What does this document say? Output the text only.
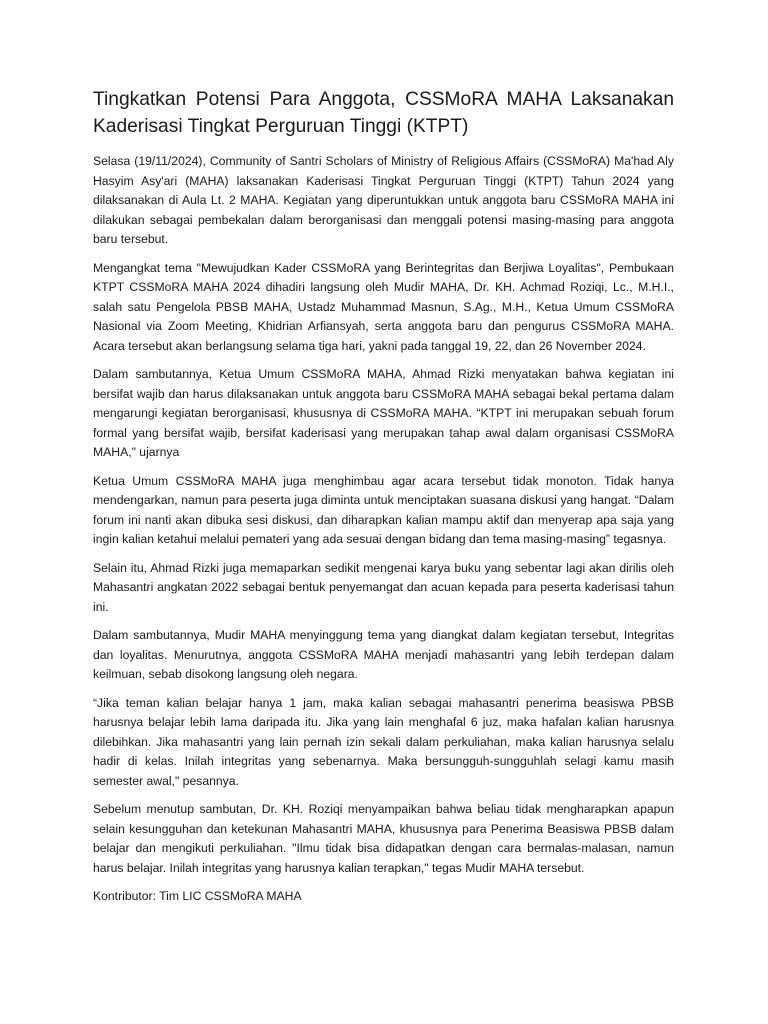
Tingkatkan Potensi Para Anggota, CSSMoRA MAHA Laksanakan Kaderisasi Tingkat Perguruan Tinggi (KTPT)

Selasa (19/11/2024), Community of Santri Scholars of Ministry of Religious Affairs (CSSMoRA) Ma'had Aly Hasyim Asy'ari (MAHA) laksanakan Kaderisasi Tingkat Perguruan Tinggi (KTPT) Tahun 2024 yang dilaksanakan di Aula Lt. 2 MAHA. Kegiatan yang diperuntukkan untuk anggota baru CSSMoRA MAHA ini dilakukan sebagai pembekalan dalam berorganisasi dan menggali potensi masing-masing para anggota baru tersebut.

Mengangkat tema "Mewujudkan Kader CSSMoRA yang Berintegritas dan Berjiwa Loyalitas", Pembukaan KTPT CSSMoRA MAHA 2024 dihadiri langsung oleh Mudir MAHA, Dr. KH. Achmad Roziqi, Lc., M.H.I., salah satu Pengelola PBSB MAHA, Ustadz Muhammad Masnun, S.Ag., M.H., Ketua Umum CSSMoRA Nasional via Zoom Meeting, Khidrian Arfiansyah, serta anggota baru dan pengurus CSSMoRA MAHA. Acara tersebut akan berlangsung selama tiga hari, yakni pada tanggal 19, 22, dan 26 November 2024.

Dalam sambutannya, Ketua Umum CSSMoRA MAHA, Ahmad Rizki menyatakan bahwa kegiatan ini bersifat wajib dan harus dilaksanakan untuk anggota baru CSSMoRA MAHA sebagai bekal pertama dalam mengarungi kegiatan berorganisasi, khususnya di CSSMoRA MAHA. “KTPT ini merupakan sebuah forum formal yang bersifat wajib, bersifat kaderisasi yang merupakan tahap awal dalam organisasi CSSMoRA MAHA," ujarnya

Ketua Umum CSSMoRA MAHA juga menghimbau agar acara tersebut tidak monoton. Tidak hanya mendengarkan, namun para peserta juga diminta untuk menciptakan suasana diskusi yang hangat. “Dalam forum ini nanti akan dibuka sesi diskusi, dan diharapkan kalian mampu aktif dan menyerap apa saja yang ingin kalian ketahui melalui pemateri yang ada sesuai dengan bidang dan tema masing-masing” tegasnya.

Selain itu, Ahmad Rizki juga memaparkan sedikit mengenai karya buku yang sebentar lagi akan dirilis oleh Mahasantri angkatan 2022 sebagai bentuk penyemangat dan acuan kepada para peserta kaderisasi tahun ini.

Dalam sambutannya, Mudir MAHA menyinggung tema yang diangkat dalam kegiatan tersebut, Integritas dan loyalitas. Menurutnya, anggota CSSMoRA MAHA menjadi mahasantri yang lebih terdepan dalam keilmuan, sebab disokong langsung oleh negara.

“Jika teman kalian belajar hanya 1 jam, maka kalian sebagai mahasantri penerima beasiswa PBSB harusnya belajar lebih lama daripada itu. Jika yang lain menghafal 6 juz, maka hafalan kalian harusnya dilebihkan. Jika mahasantri yang lain pernah izin sekali dalam perkuliahan, maka kalian harusnya selalu hadir di kelas. Inilah integritas yang sebenarnya. Maka bersungguh-sungguhlah selagi kamu masih semester awal," pesannya.

Sebelum menutup sambutan, Dr. KH. Roziqi menyampaikan bahwa beliau tidak mengharapkan apapun selain kesungguhan dan ketekunan Mahasantri MAHA, khususnya para Penerima Beasiswa PBSB dalam belajar dan mengikuti perkuliahan. "Ilmu tidak bisa didapatkan dengan cara bermalas-malasan, namun harus belajar. Inilah integritas yang harusnya kalian terapkan," tegas Mudir MAHA tersebut.

Kontributor: Tim LIC CSSMoRA MAHA
